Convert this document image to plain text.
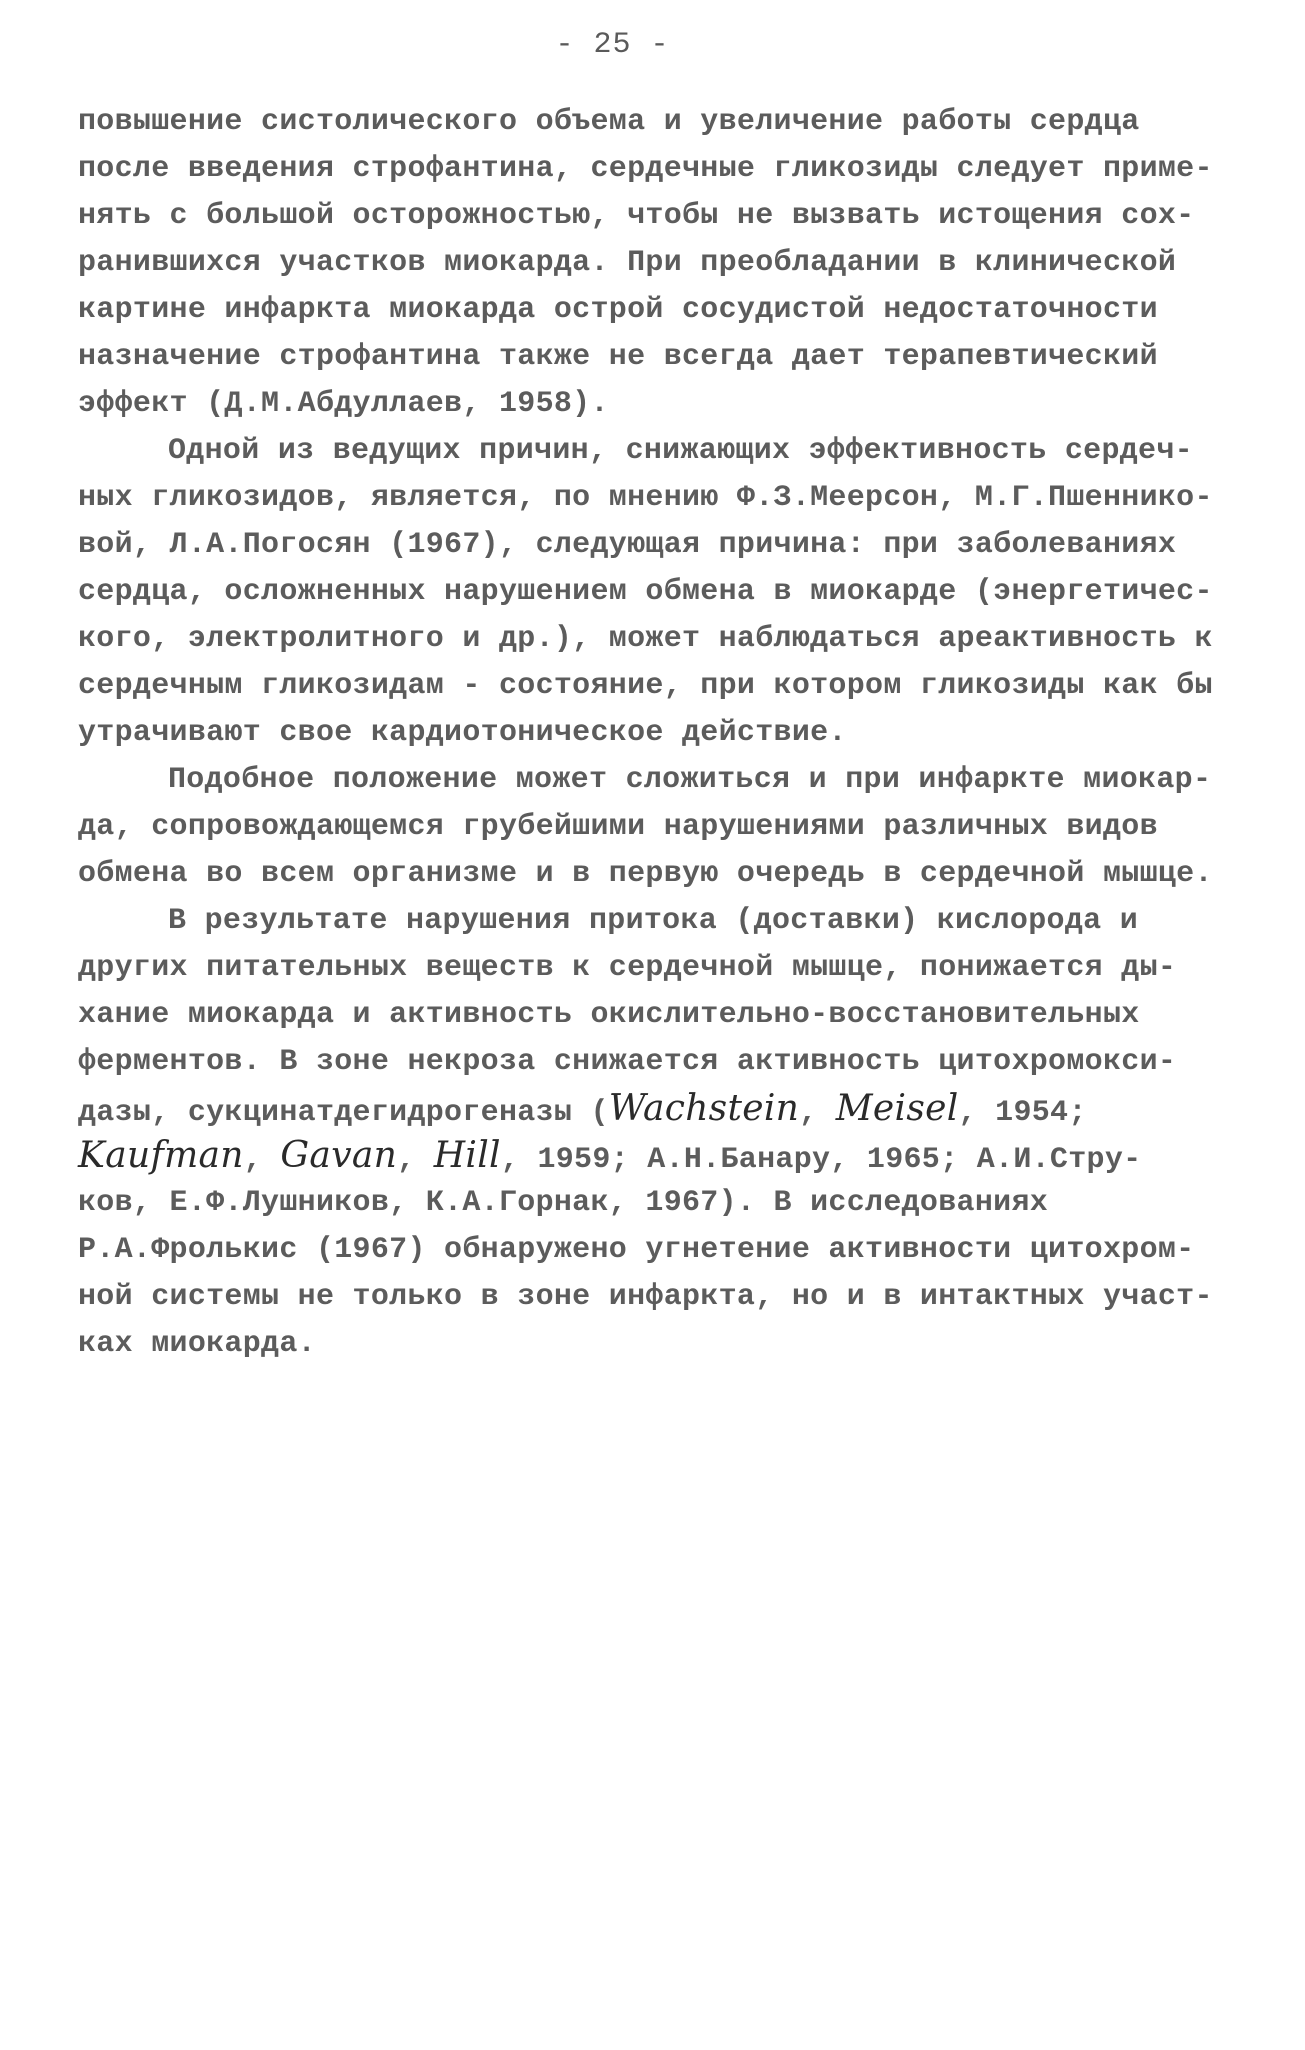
- 25 -
повышение систолического объема и увеличение работы сердца
после введения строфантина, сердечные гликозиды следует приме-
нять с большой осторожностью, чтобы не вызвать истощения сох-
ранившихся участков миокарда. При преобладании в клинической
картине инфаркта миокарда острой сосудистой недостаточности
назначение строфантина также не всегда дает терапевтический
эффект (Д.М.Абдуллаев, 1958).
Одной из ведущих причин, снижающих эффективность сердеч-
ных гликозидов, является, по мнению Ф.З.Меерсон, М.Г.Пшеннико-
вой, Л.А.Погосян (1967), следующая причина: при заболеваниях
сердца, осложненных нарушением обмена в миокарде (энергетичес-
кого, электролитного и др.), может наблюдаться ареактивность к
сердечным гликозидам - состояние, при котором гликозиды как бы
утрачивают свое кардиотоническое действие.
Подобное положение может сложиться и при инфаркте миокар-
да, сопровождающемся грубейшими нарушениями различных видов
обмена во всем организме и в первую очередь в сердечной мышце.
В результате нарушения притока (доставки) кислорода и
других питательных веществ к сердечной мышце, понижается ды-
хание миокарда и активность окислительно-восстановительных
ферментов. В зоне некроза снижается активность цитохромокси-
дазы, сукцинатдегидрогеназы (Wachstein, Meisel, 1954;
Kaufman, Gavan, Hill, 1959; А.Н.Банару, 1965; А.И.Стру-
ков, Е.Ф.Лушников, К.А.Горнак, 1967). В исследованиях
Р.А.Фролькис (1967) обнаружено угнетение активности цитохром-
ной системы не только в зоне инфаркта, но и в интактных участ-
ках миокарда.
